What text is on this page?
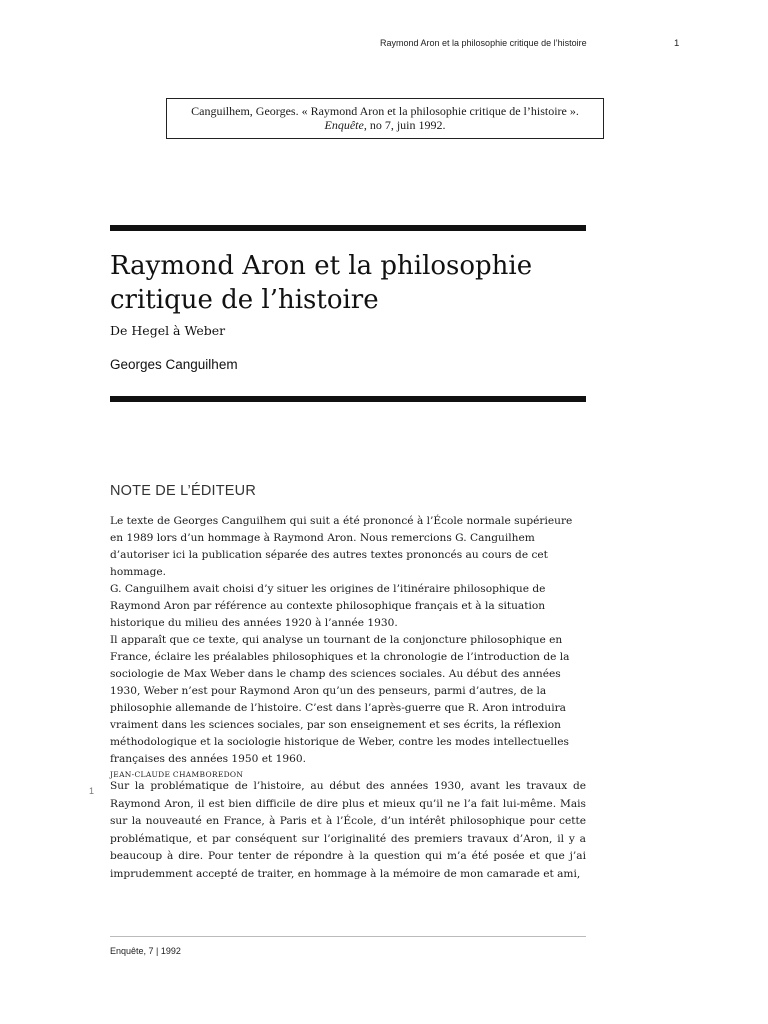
Raymond Aron et la philosophie critique de l’histoire	1
Canguilhem, Georges. « Raymond Aron et la philosophie critique de l’histoire ».
Enquête, no 7, juin 1992.
Raymond Aron et la philosophie critique de l’histoire
De Hegel à Weber
Georges Canguilhem
NOTE DE L’ÉDITEUR

Le texte de Georges Canguilhem qui suit a été prononcé à l’École normale supérieure en 1989 lors d’un hommage à Raymond Aron. Nous remercions G. Canguilhem d’autoriser ici la publication séparée des autres textes prononcés au cours de cet hommage.

G. Canguilhem avait choisi d’y situer les origines de l’itinéraire philosophique de Raymond Aron par référence au contexte philosophique français et à la situation historique du milieu des années 1920 à l’année 1930.

Il apparaît que ce texte, qui analyse un tournant de la conjoncture philosophique en France, éclaire les préalables philosophiques et la chronologie de l’introduction de la sociologie de Max Weber dans le champ des sciences sociales. Au début des années 1930, Weber n’est pour Raymond Aron qu’un des penseurs, parmi d’autres, de la philosophie allemande de l’histoire. C’est dans l’après-guerre que R. Aron introduira vraiment dans les sciences sociales, par son enseignement et ses écrits, la réflexion méthodologique et la sociologie historique de Weber, contre les modes intellectuelles françaises des années 1950 et 1960.

JEAN-CLAUDE CHAMBOREDON

1 Sur la problématique de l’histoire, au début des années 1930, avant les travaux de Raymond Aron, il est bien difficile de dire plus et mieux qu’il ne l’a fait lui-même. Mais sur la nouveauté en France, à Paris et à l’École, d’un intérêt philosophique pour cette problématique, et par conséquent sur l’originalité des premiers travaux d’Aron, il y a beaucoup à dire. Pour tenter de répondre à la question qui m’a été posée et que j’ai imprudemment accepté de traiter, en hommage à la mémoire de mon camarade et ami,

Enquête, 7 | 1992
